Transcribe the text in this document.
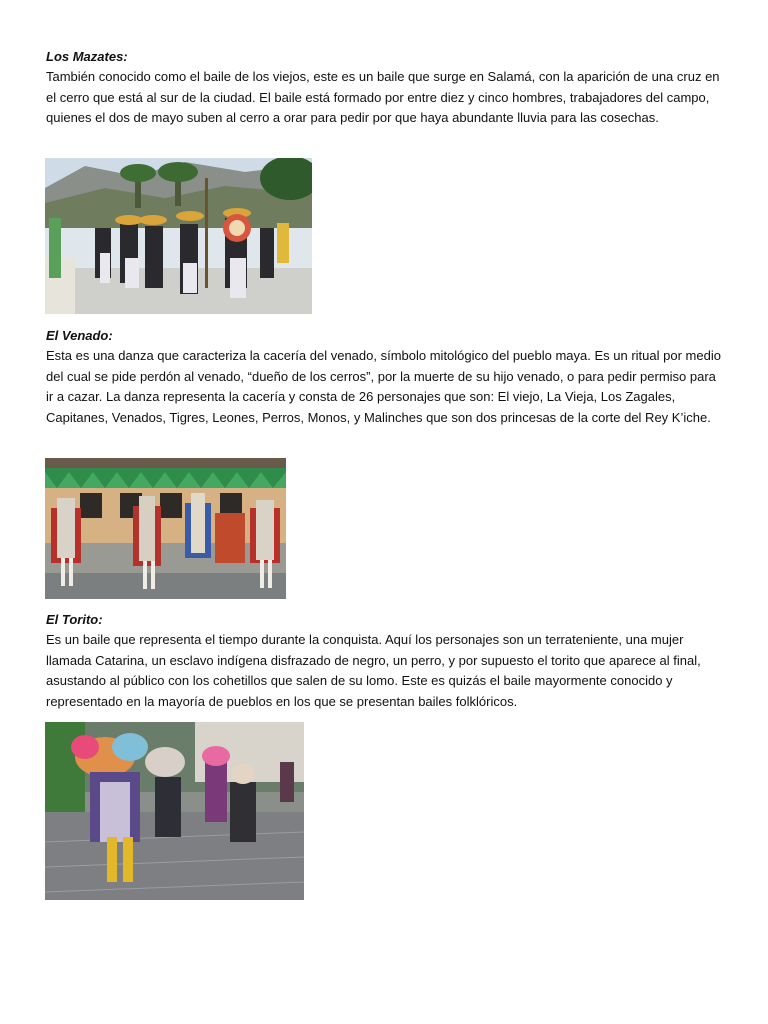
Los Mazates:

También conocido como el baile de los viejos, este es un baile que surge en Salamá, con la aparición de una cruz en el cerro que está al sur de la ciudad. El baile está formado por entre diez y cinco hombres, trabajadores del campo, quienes el dos de mayo suben al cerro a orar para pedir por que haya abundante lluvia para las cosechas.

El Venado:

Esta es una danza que caracteriza la cacería del venado, símbolo mitológico del pueblo maya. Es un ritual por medio del cual se pide perdón al venado, “dueño de los cerros”, por la muerte de su hijo venado, o para pedir permiso para ir a cazar. La danza representa la cacería y consta de 26 personajes que son: El viejo, La Vieja, Los Zagales, Capitanes, Venados, Tigres, Leones, Perros, Monos, y Malinches que son dos princesas de la corte del Rey K’iche.

El Torito:

Es un baile que representa el tiempo durante la conquista. Aquí los personajes son un terrateniente, una mujer llamada Catarina, un esclavo indígena disfrazado de negro, un perro, y por supuesto el torito que aparece al final, asustando al público con los cohetillos que salen de su lomo. Este es quizás el baile mayormente conocido y representado en la mayoría de pueblos en los que se presentan bailes folklóricos.
